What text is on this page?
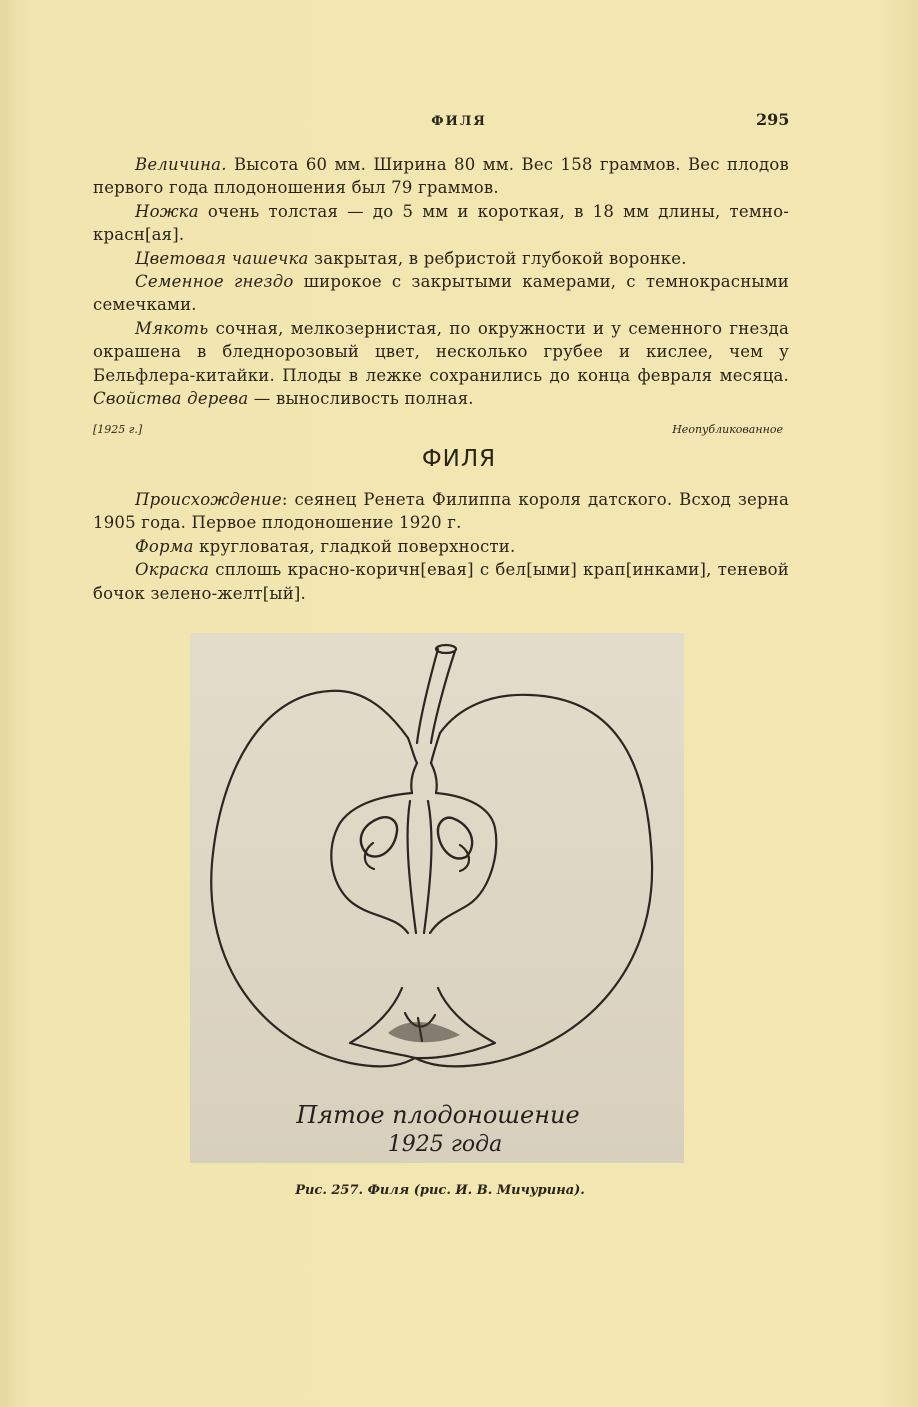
ФИЛЯ	295

Величина. Высота 60 мм. Ширина 80 мм. Вес 158 граммов. Вес плодов первого года плодоношения был 79 граммов.

Ножка очень толстая — до 5 мм и короткая, в 18 мм длины, темно-красн[ая].

Цветовая чашечка закрытая, в ребристой глубокой воронке.

Семенное гнездо широкое с закрытыми камерами, с темнокрасными семечками.

Мякоть сочная, мелкозернистая, по окружности и у семенного гнезда окрашена в бледнорозовый цвет, несколько грубее и кислее, чем у Бельфлера-китайки. Плоды в лежке сохранились до конца февраля месяца. Свойства дерева — выносливость полная.

[1925 г.]	Неопубликованное
ФИЛЯ

Происхождение: сеянец Ренета Филиппа короля датского. Всход зерна 1905 года. Первое плодоношение 1920 г.

Форма кругловатая, гладкой поверхности.

Окраска сплошь красно-коричн[евая] с бел[ыми] крап[инками], теневой бочок зелено-желт[ый].

Пятое плодоношение
1925 года
Рис. 257. Филя (рис. И. В. Мичурина).
